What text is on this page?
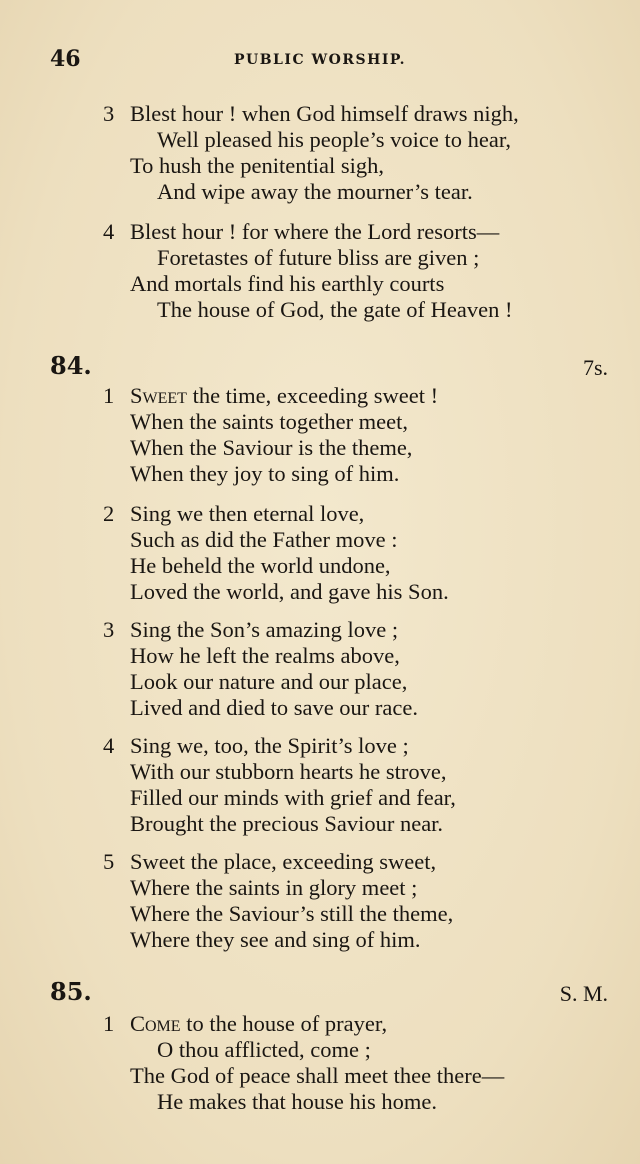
46	PUBLIC WORSHIP.
3 Blest hour ! when God himself draws nigh,
Well pleased his people’s voice to hear,
To hush the penitential sigh,
And wipe away the mourner’s tear.
4 Blest hour ! for where the Lord resorts—
Foretastes of future bliss are given ;
And mortals find his earthly courts
The house of God, the gate of Heaven !
84.	7s.
1 Sweet the time, exceeding sweet !
When the saints together meet,
When the Saviour is the theme,
When they joy to sing of him.
2 Sing we then eternal love,
Such as did the Father move :
He beheld the world undone,
Loved the world, and gave his Son.
3 Sing the Son’s amazing love ;
How he left the realms above,
Look our nature and our place,
Lived and died to save our race.
4 Sing we, too, the Spirit’s love ;
With our stubborn hearts he strove,
Filled our minds with grief and fear,
Brought the precious Saviour near.
5 Sweet the place, exceeding sweet,
Where the saints in glory meet ;
Where the Saviour’s still the theme,
Where they see and sing of him.
85.	S. M.
1 Come to the house of prayer,
O thou afflicted, come ;
The God of peace shall meet thee there—
He makes that house his home.
